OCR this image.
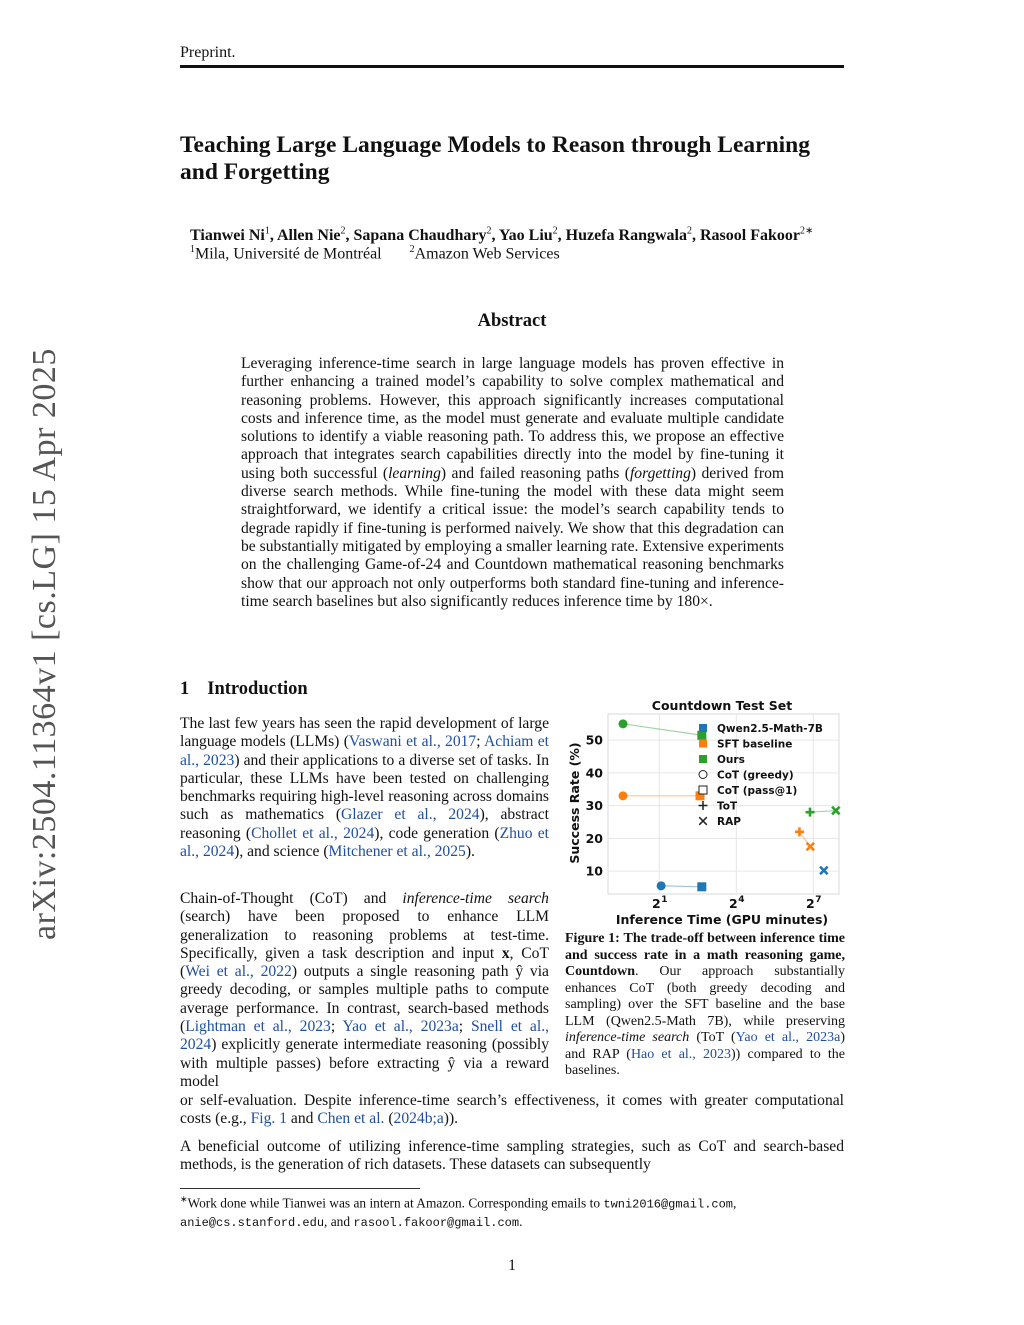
Preprint.
arXiv:2504.11364v1 [cs.LG] 15 Apr 2025
Teaching Large Language Models to Reason through Learning
and Forgetting
Tianwei Ni$^1$, Allen Nie$^2$, Sapana Chaudhary$^2$, Yao Liu$^2$, Huzefa Rangwala$^2$, Rasool Fakoor$^{2∗}$
$^1$Mila, Université de Montréal	$^2$Amazon Web Services
Abstract
Leveraging inference-time search in large language models has proven effective in further enhancing a trained model’s capability to solve complex mathematical and reasoning problems. However, this approach significantly increases computational costs and inference time, as the model must generate and evaluate multiple candidate solutions to identify a viable reasoning path. To address this, we propose an effective approach that integrates search capabilities directly into the model by fine-tuning it using both successful (learning) and failed reasoning paths (forgetting) derived from diverse search methods. While fine-tuning the model with these data might seem straightforward, we identify a critical issue: the model’s search capability tends to degrade rapidly if fine-tuning is performed naively. We show that this degradation can be substantially mitigated by employing a smaller learning rate. Extensive experiments on the challenging Game-of-24 and Countdown mathematical reasoning benchmarks show that our approach not only outperforms both standard fine-tuning and inference-time search baselines but also significantly reduces inference time by 180×.
1 Introduction
The last few years has seen the rapid development of large language models (LLMs) (Vaswani et al., 2017; Achiam et al., 2023) and their applications to a diverse set of tasks. In particular, these LLMs have been tested on challenging benchmarks requiring high-level reasoning across domains such as mathematics (Glazer et al., 2024), abstract reasoning (Chollet et al., 2024), code generation (Zhuo et al., 2024), and science (Mitchener et al., 2025).
Chain-of-Thought (CoT) and inference-time search (search) have been proposed to enhance LLM generalization to reasoning problems at test-time. Specifically, given a task description and input x, CoT (Wei et al., 2022) outputs a single reasoning path ŷ via greedy decoding, or samples multiple paths to compute average performance. In contrast, search-based methods (Lightman et al., 2023; Yao et al., 2023a; Snell et al., 2024) explicitly generate intermediate reasoning (possibly with multiple passes) before extracting ŷ via a reward model
or self-evaluation. Despite inference-time search’s effectiveness, it comes with greater computational costs (e.g., Fig. 1 and Chen et al. (2024b;a)).
A beneficial outcome of utilizing inference-time sampling strategies, such as CoT and search-based methods, is the generation of rich datasets. These datasets can subsequently
Countdown Test Set
10
20
30
40
50
2 1	2 4	2 7
Qwen2.5-Math-7B
SFT baseline
Ours
CoT (greedy)
CoT (pass@1)
ToT
RAP
Inference Time (GPU minutes)
Success Rate (%)
Figure 1: The trade-off between inference time and success rate in a math reasoning game, Countdown. Our approach substantially enhances CoT (both greedy decoding and sampling) over the SFT baseline and the base LLM (Qwen2.5-Math 7B), while preserving inference-time search (ToT (Yao et al., 2023a) and RAP (Hao et al., 2023)) compared to the baselines.
∗Work done while Tianwei was an intern at Amazon. Corresponding emails to twni2016@gmail.com,
anie@cs.stanford.edu, and rasool.fakoor@gmail.com.
1
